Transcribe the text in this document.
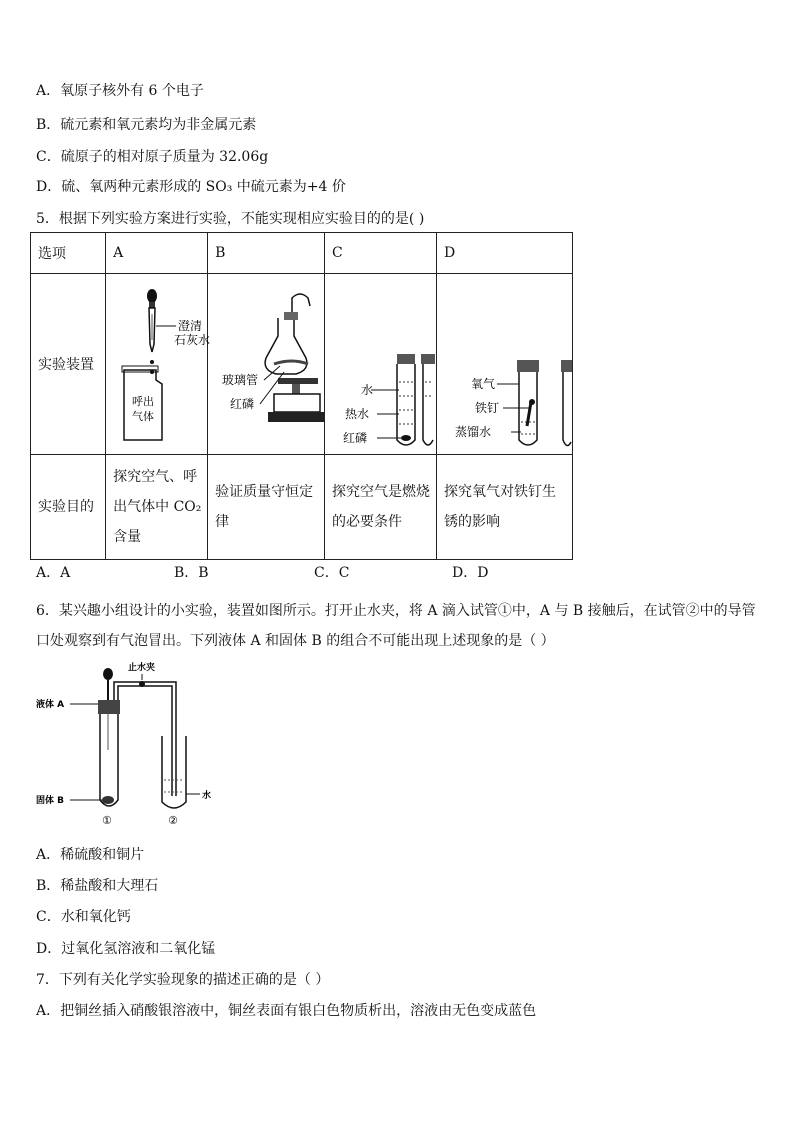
A．氧原子核外有 6 个电子
B．硫元素和氧元素均为非金属元素
C．硫原子的相对原子质量为 32.06g
D．硫、氧两种元素形成的 SO₃ 中硫元素为+4 价
5．根据下列实验方案进行实验，不能实现相应实验目的的是( )
选项	A	B	C	D
实验装置	呼出
气体
澄清
石灰水	玻璃管
红磷	水
热水
红磷	氧气
铁钉
蒸馏水

实验目的	探究空气、呼出气体中 CO₂ 含量	验证质量守恒定律	探究空气是燃烧的必要条件	探究氧气对铁钉生锈的影响
A．A	B．B	C．C	D．D
6．某兴趣小组设计的小实验，装置如图所示。打开止水夹，将 A 滴入试管①中，A 与 B 接触后，在试管②中的导管口处观察到有气泡冒出。下列液体 A 和固体 B 的组合不可能出现上述现象的是（ ）
止水夹
液体 A
固体 B	水
①	②
A．稀硫酸和铜片
B．稀盐酸和大理石
C．水和氧化钙
D．过氧化氢溶液和二氧化锰
7．下列有关化学实验现象的描述正确的是（ ）
A．把铜丝插入硝酸银溶液中，铜丝表面有银白色物质析出，溶液由无色变成蓝色
